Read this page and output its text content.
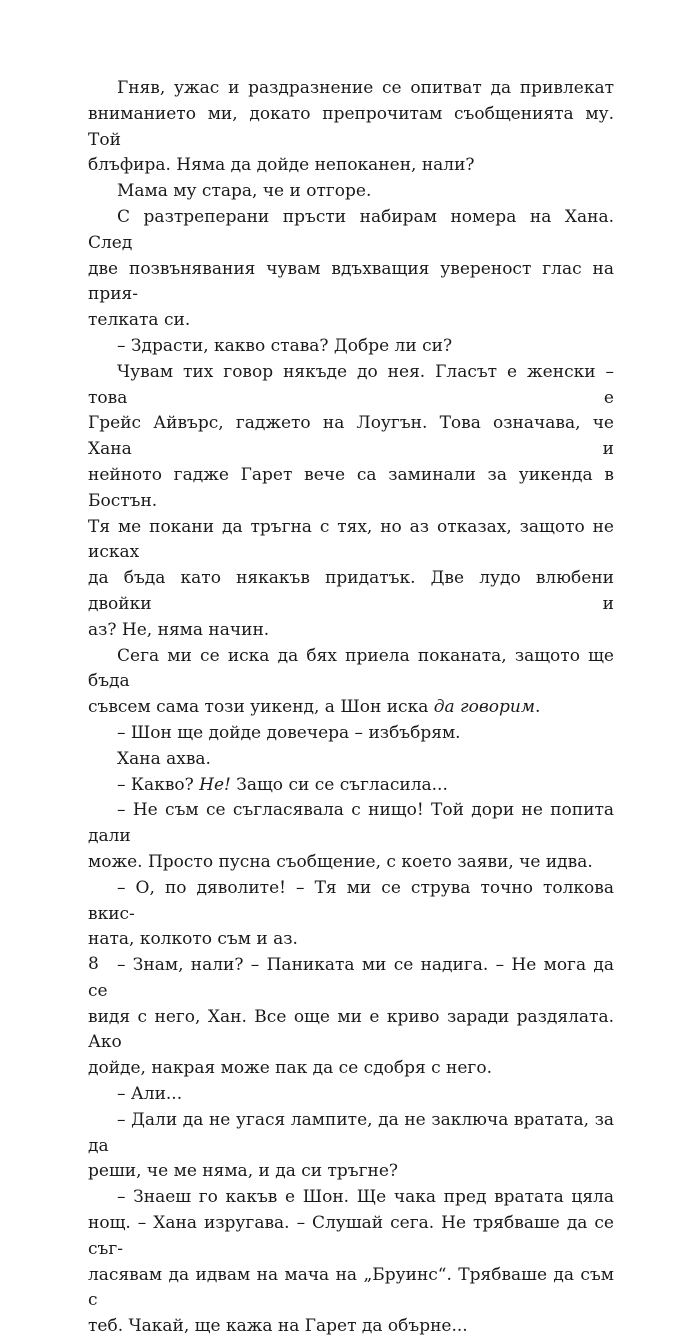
Гняв, ужас и раздразнение се опитват да привлекат
вниманието ми, докато препрочитам съобщенията му. Той
блъфира. Няма да дойде непоканен, нали?
Мама му стара, че и отгоре.
С разтреперани пръсти набирам номера на Хана. След
две позвънявания чувам вдъхващия увереност глас на прия-
телката си.
– Здрасти, какво става? Добре ли си?
Чувам тих говор някъде до нея. Гласът е женски – това е
Грейс Айвърс, гаджето на Лоугън. Това означава, че Хана и
нейното гадже Гарет вече са заминали за уикенда в Бостън.
Тя ме покани да тръгна с тях, но аз отказах, защото не исках
да бъда като някакъв придатък. Две лудо влюбени двойки и
аз? Не, няма начин.
Сега ми се иска да бях приела поканата, защото ще бъда
съвсем сама този уикенд, а Шон иска да говорим.
– Шон ще дойде довечера – избъбрям.
Хана ахва.
– Какво? Не! Защо си се съгласила...
– Не съм се съгласявала с нищо! Той дори не попита дали
може. Просто пусна съобщение, с което заяви, че идва.
– О, по дяволите! – Тя ми се струва точно толкова вкис-
ната, колкото съм и аз.
– Знам, нали? – Паниката ми се надига. – Не мога да се
видя с него, Хан. Все още ми е криво заради раздялата. Ако
дойде, накрая може пак да се сдобря с него.
– Али...
– Дали да не угася лампите, да не заключа вратата, за да
реши, че ме няма, и да си тръгне?
– Знаеш го какъв е Шон. Ще чака пред вратата цяла
нощ. – Хана изругава. – Слушай сега. Не трябваше да се съг-
ласявам да идвам на мача на „Бруинс“. Трябваше да съм с
теб. Чакай, ще кажа на Гарет да обърне...
8
